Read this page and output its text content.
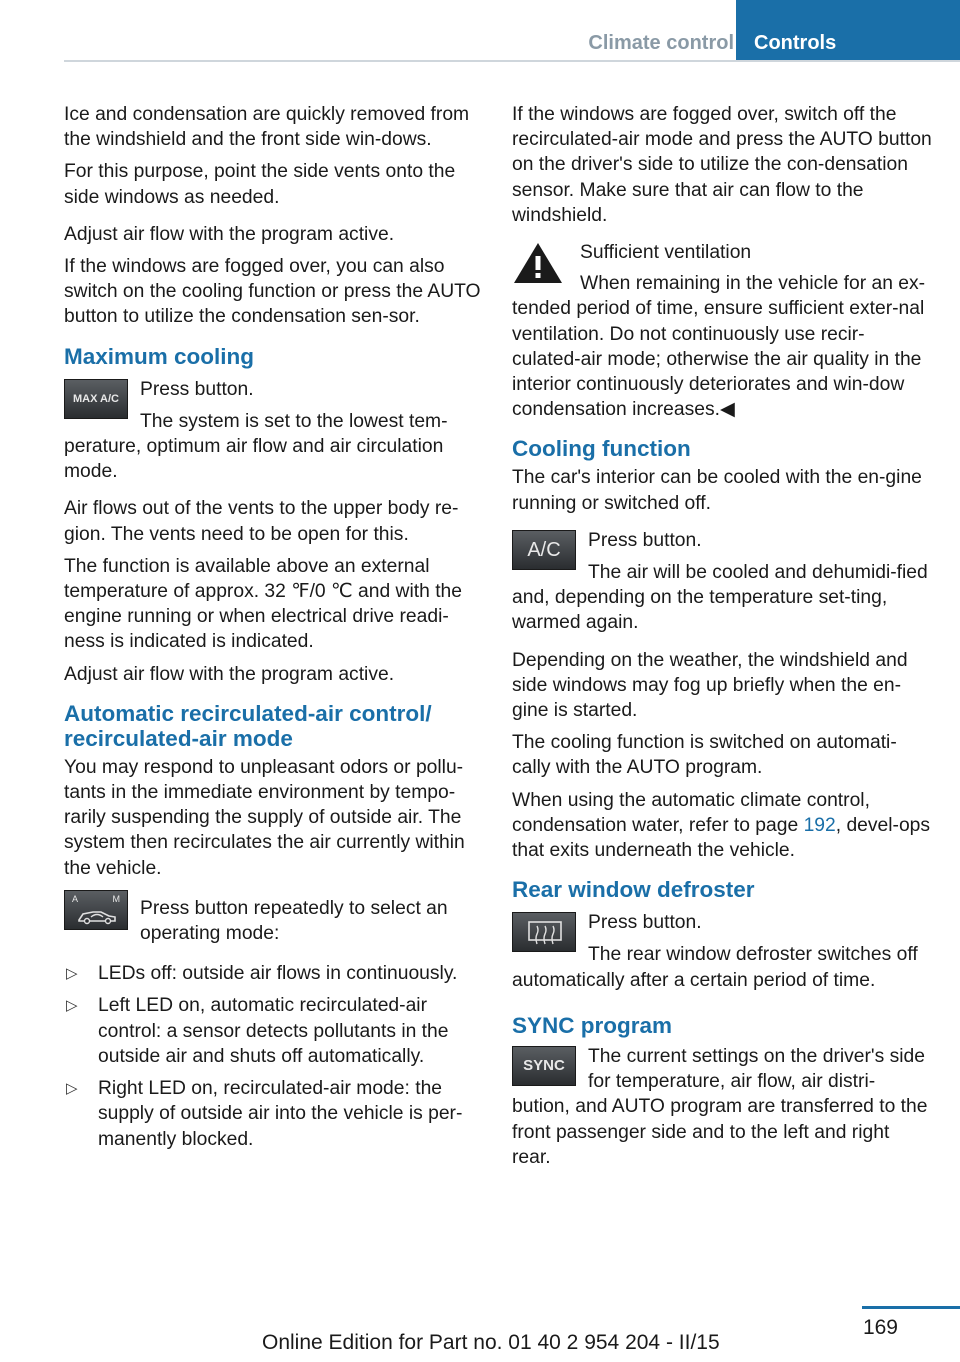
Climate control	Controls

Ice and condensation are quickly removed from the windshield and the front side win‐dows.

For this purpose, point the side vents onto the side windows as needed.

Adjust air flow with the program active.

If the windows are fogged over, you can also switch on the cooling function or press the AUTO button to utilize the condensation sen‐sor.

Maximum cooling
MAX A/C	Press button.

The system is set to the lowest tem‐perature, optimum air flow and air circulation mode.

Air flows out of the vents to the upper body re‐gion. The vents need to be open for this.

The function is available above an external temperature of approx. 32 ℉/0 ℃ and with the engine running or when electrical drive readi‐ness is indicated is indicated.

Adjust air flow with the program active.

Automatic recirculated-air control/ recirculated-air mode

You may respond to unpleasant odors or pollu‐tants in the immediate environment by tempo‐rarily suspending the supply of outside air. The system then recirculates the air currently within the vehicle.

A	M Press button repeatedly to select an operating mode:

▷ LEDs off: outside air flows in continuously.
▷ Left LED on, automatic recirculated-air control: a sensor detects pollutants in the outside air and shuts off automatically.
▷ Right LED on, recirculated-air mode: the supply of outside air into the vehicle is per‐manently blocked.

If the windows are fogged over, switch off the recirculated-air mode and press the AUTO button on the driver's side to utilize the con‐densation sensor. Make sure that air can flow to the windshield.

Sufficient ventilation

When remaining in the vehicle for an ex‐tended period of time, ensure sufficient exter‐nal ventilation. Do not continuously use recir‐culated-air mode; otherwise the air quality in the interior continuously deteriorates and win‐dow condensation increases.◀

Cooling function

The car's interior can be cooled with the en‐gine running or switched off.

A/C	Press button.

The air will be cooled and dehumidi‐fied and, depending on the temperature set‐ting, warmed again.

Depending on the weather, the windshield and side windows may fog up briefly when the en‐gine is started.

The cooling function is switched on automati‐cally with the AUTO program.

When using the automatic climate control, condensation water, refer to page 192, devel‐ops that exits underneath the vehicle.

Rear window defroster

Press button.

The rear window defroster switches off automatically after a certain period of time.

SYNC program
SYNC	The current settings on the driver's side for temperature, air flow, air distri‐bution, and AUTO program are transferred to the front passenger side and to the left and right rear.

169
Online Edition for Part no. 01 40 2 954 204 - II/15
